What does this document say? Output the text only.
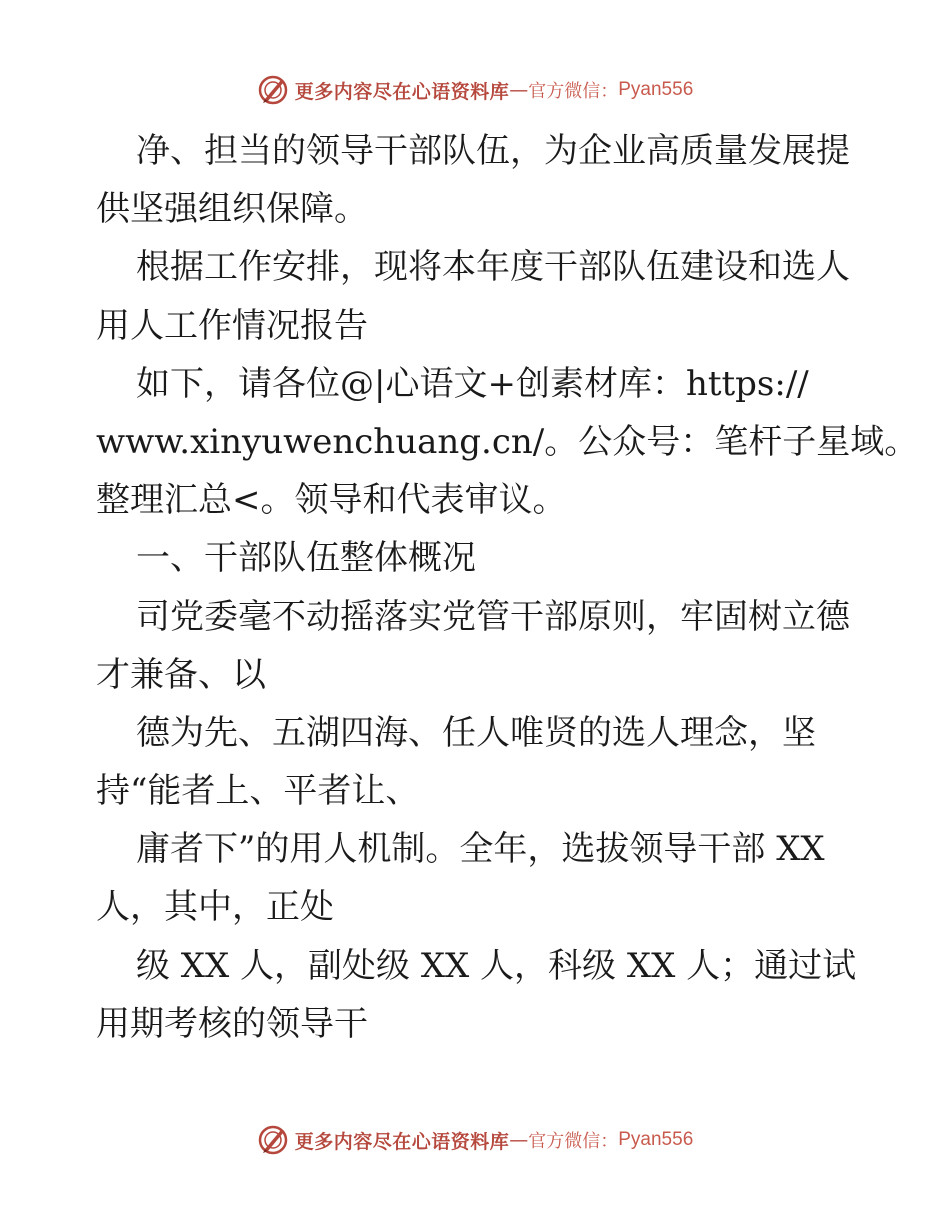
更多内容尽在心语资料库 — 官方微信： Pyan556
净、担当的领导干部队伍，为企业高质量发展提
供坚强组织保障。
根据工作安排，现将本年度干部队伍建设和选人
用人工作情况报告
如下，请各位@|心语文+创素材库：https://
www.xinyuwenchuang.cn/。公众号：笔杆子星域。
整理汇总<。领导和代表审议。
一、干部队伍整体概况
司党委毫不动摇落实党管干部原则，牢固树立德
才兼备、以
德为先、五湖四海、任人唯贤的选人理念，坚
持“能者上、平者让、
庸者下”的用人机制。全年，选拔领导干部 XX
人，其中，正处
级 XX 人，副处级 XX 人，科级 XX 人；通过试
用期考核的领导干
更多内容尽在心语资料库 — 官方微信： Pyan556
